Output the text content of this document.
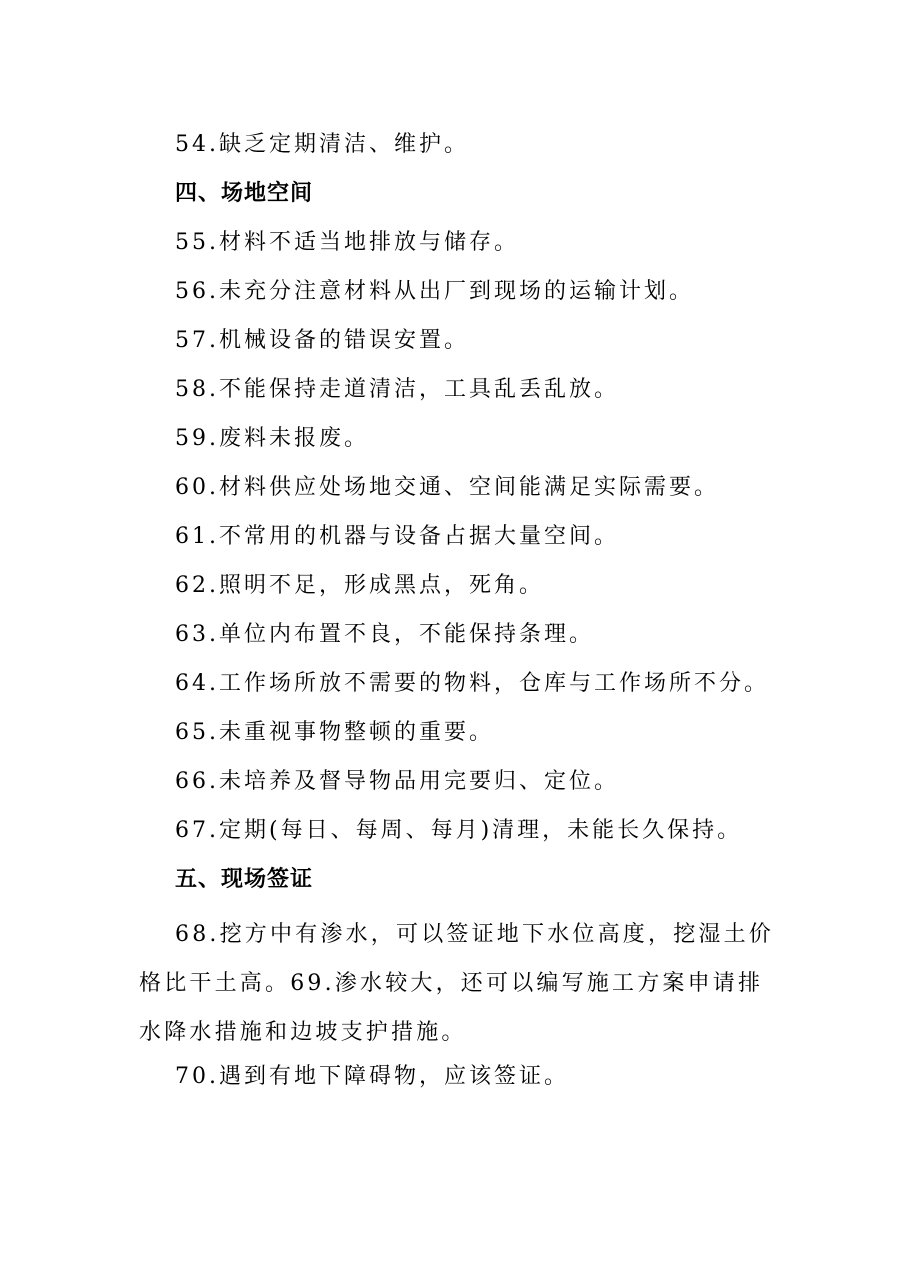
54.缺乏定期清洁、维护。
四、场地空间
55.材料不适当地排放与储存。
56.未充分注意材料从出厂到现场的运输计划。
57.机械设备的错误安置。
58.不能保持走道清洁，工具乱丢乱放。
59.废料未报废。
60.材料供应处场地交通、空间能满足实际需要。
61.不常用的机器与设备占据大量空间。
62.照明不足，形成黑点，死角。
63.单位内布置不良，不能保持条理。
64.工作场所放不需要的物料，仓库与工作场所不分。
65.未重视事物整顿的重要。
66.未培养及督导物品用完要归、定位。
67.定期(每日、每周、每月)清理，未能长久保持。
五、现场签证
68.挖方中有渗水，可以签证地下水位高度，挖湿土价格比干土高。69.渗水较大，还可以编写施工方案申请排水降水措施和边坡支护措施。
70.遇到有地下障碍物，应该签证。
